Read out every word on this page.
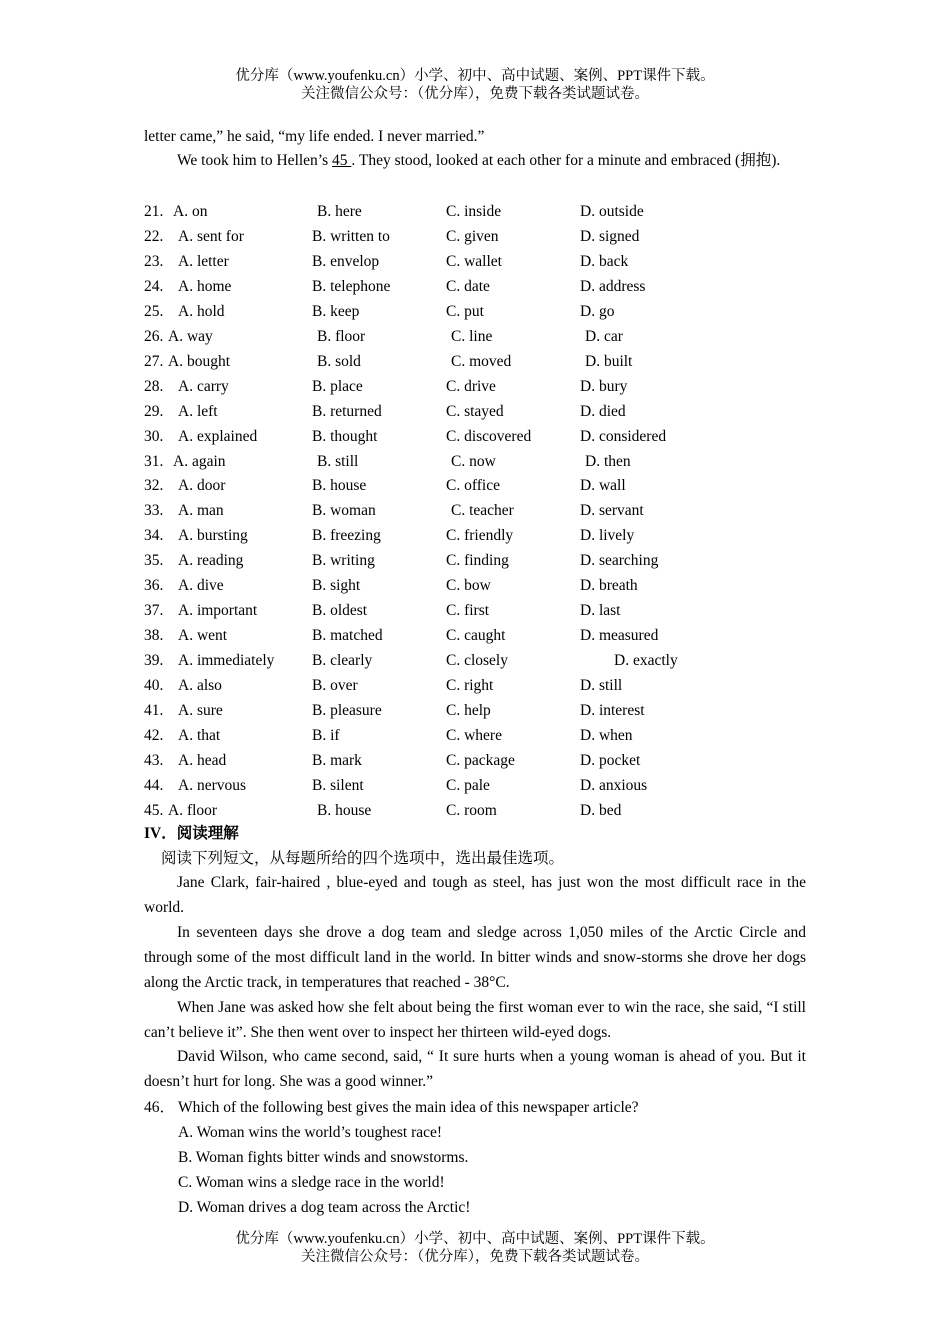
优分库（www.youfenku.cn）小学、初中、高中试题、案例、PPT课件下载。
关注微信公众号：（优分库），免费下载各类试题试卷。
letter came,” he said, “my life ended. I never married.”
We took him to Hellen’s 45 . They stood, looked at each other for a minute and embraced (拥抱).
21. A. on	B. here	C. inside	D. outside
22. A. sent for	B. written to	C. given	D. signed
23. A. letter	B. envelop	C. wallet	D. back
24. A. home	B. telephone	C. date	D. address
25. A. hold	B. keep	C. put	D. go
26. A. way	B. floor	C. line	D. car
27. A. bought	B. sold	C. moved	D. built
28. A. carry	B. place	C. drive	D. bury
29. A. left	B. returned	C. stayed	D. died
30. A. explained	B. thought	C. discovered	D. considered
31. A. again	B. still	C. now	D. then
32. A. door	B. house	C. office	D. wall
33. A. man	B. woman	C. teacher	D. servant
34. A. bursting	B. freezing	C. friendly	D. lively
35. A. reading	B. writing	C. finding	D. searching
36. A. dive	B. sight	C. bow	D. breath
37. A. important	B. oldest	C. first	D. last
38. A. went	B. matched	C. caught	D. measured
39. A. immediately B. clearly	C. closely	D. exactly
40. A. also	B. over	C. right	D. still
41. A. sure	B. pleasure	C. help	D. interest
42. A. that	B. if	C. where	D. when
43. A. head	B. mark	C. package	D. pocket
44. A. nervous	B. silent	C. pale	D. anxious
45. A. floor	B. house	C. room	D. bed
IV．阅读理解
阅读下列短文，从每题所给的四个选项中，选出最佳选项。
Jane Clark, fair-haired , blue-eyed and tough as steel, has just won the most difficult race in the world.
In seventeen days she drove a dog team and sledge across 1,050 miles of the Arctic Circle and through some of the most difficult land in the world. In bitter winds and snow-storms she drove her dogs along the Arctic track, in temperatures that reached - 38°C.
When Jane was asked how she felt about being the first woman ever to win the race, she said, “I still can’t believe it”. She then went over to inspect her thirteen wild-eyed dogs.
David Wilson, who came second, said, “ It sure hurts when a young woman is ahead of you. But it doesn’t hurt for long. She was a good winner.”
46． Which of the following best gives the main idea of this newspaper article?
A. Woman wins the world’s toughest race!
B. Woman fights bitter winds and snowstorms.
C. Woman wins a sledge race in the world!
D. Woman drives a dog team across the Arctic!
优分库（www.youfenku.cn）小学、初中、高中试题、案例、PPT课件下载。
关注微信公众号：（优分库），免费下载各类试题试卷。
